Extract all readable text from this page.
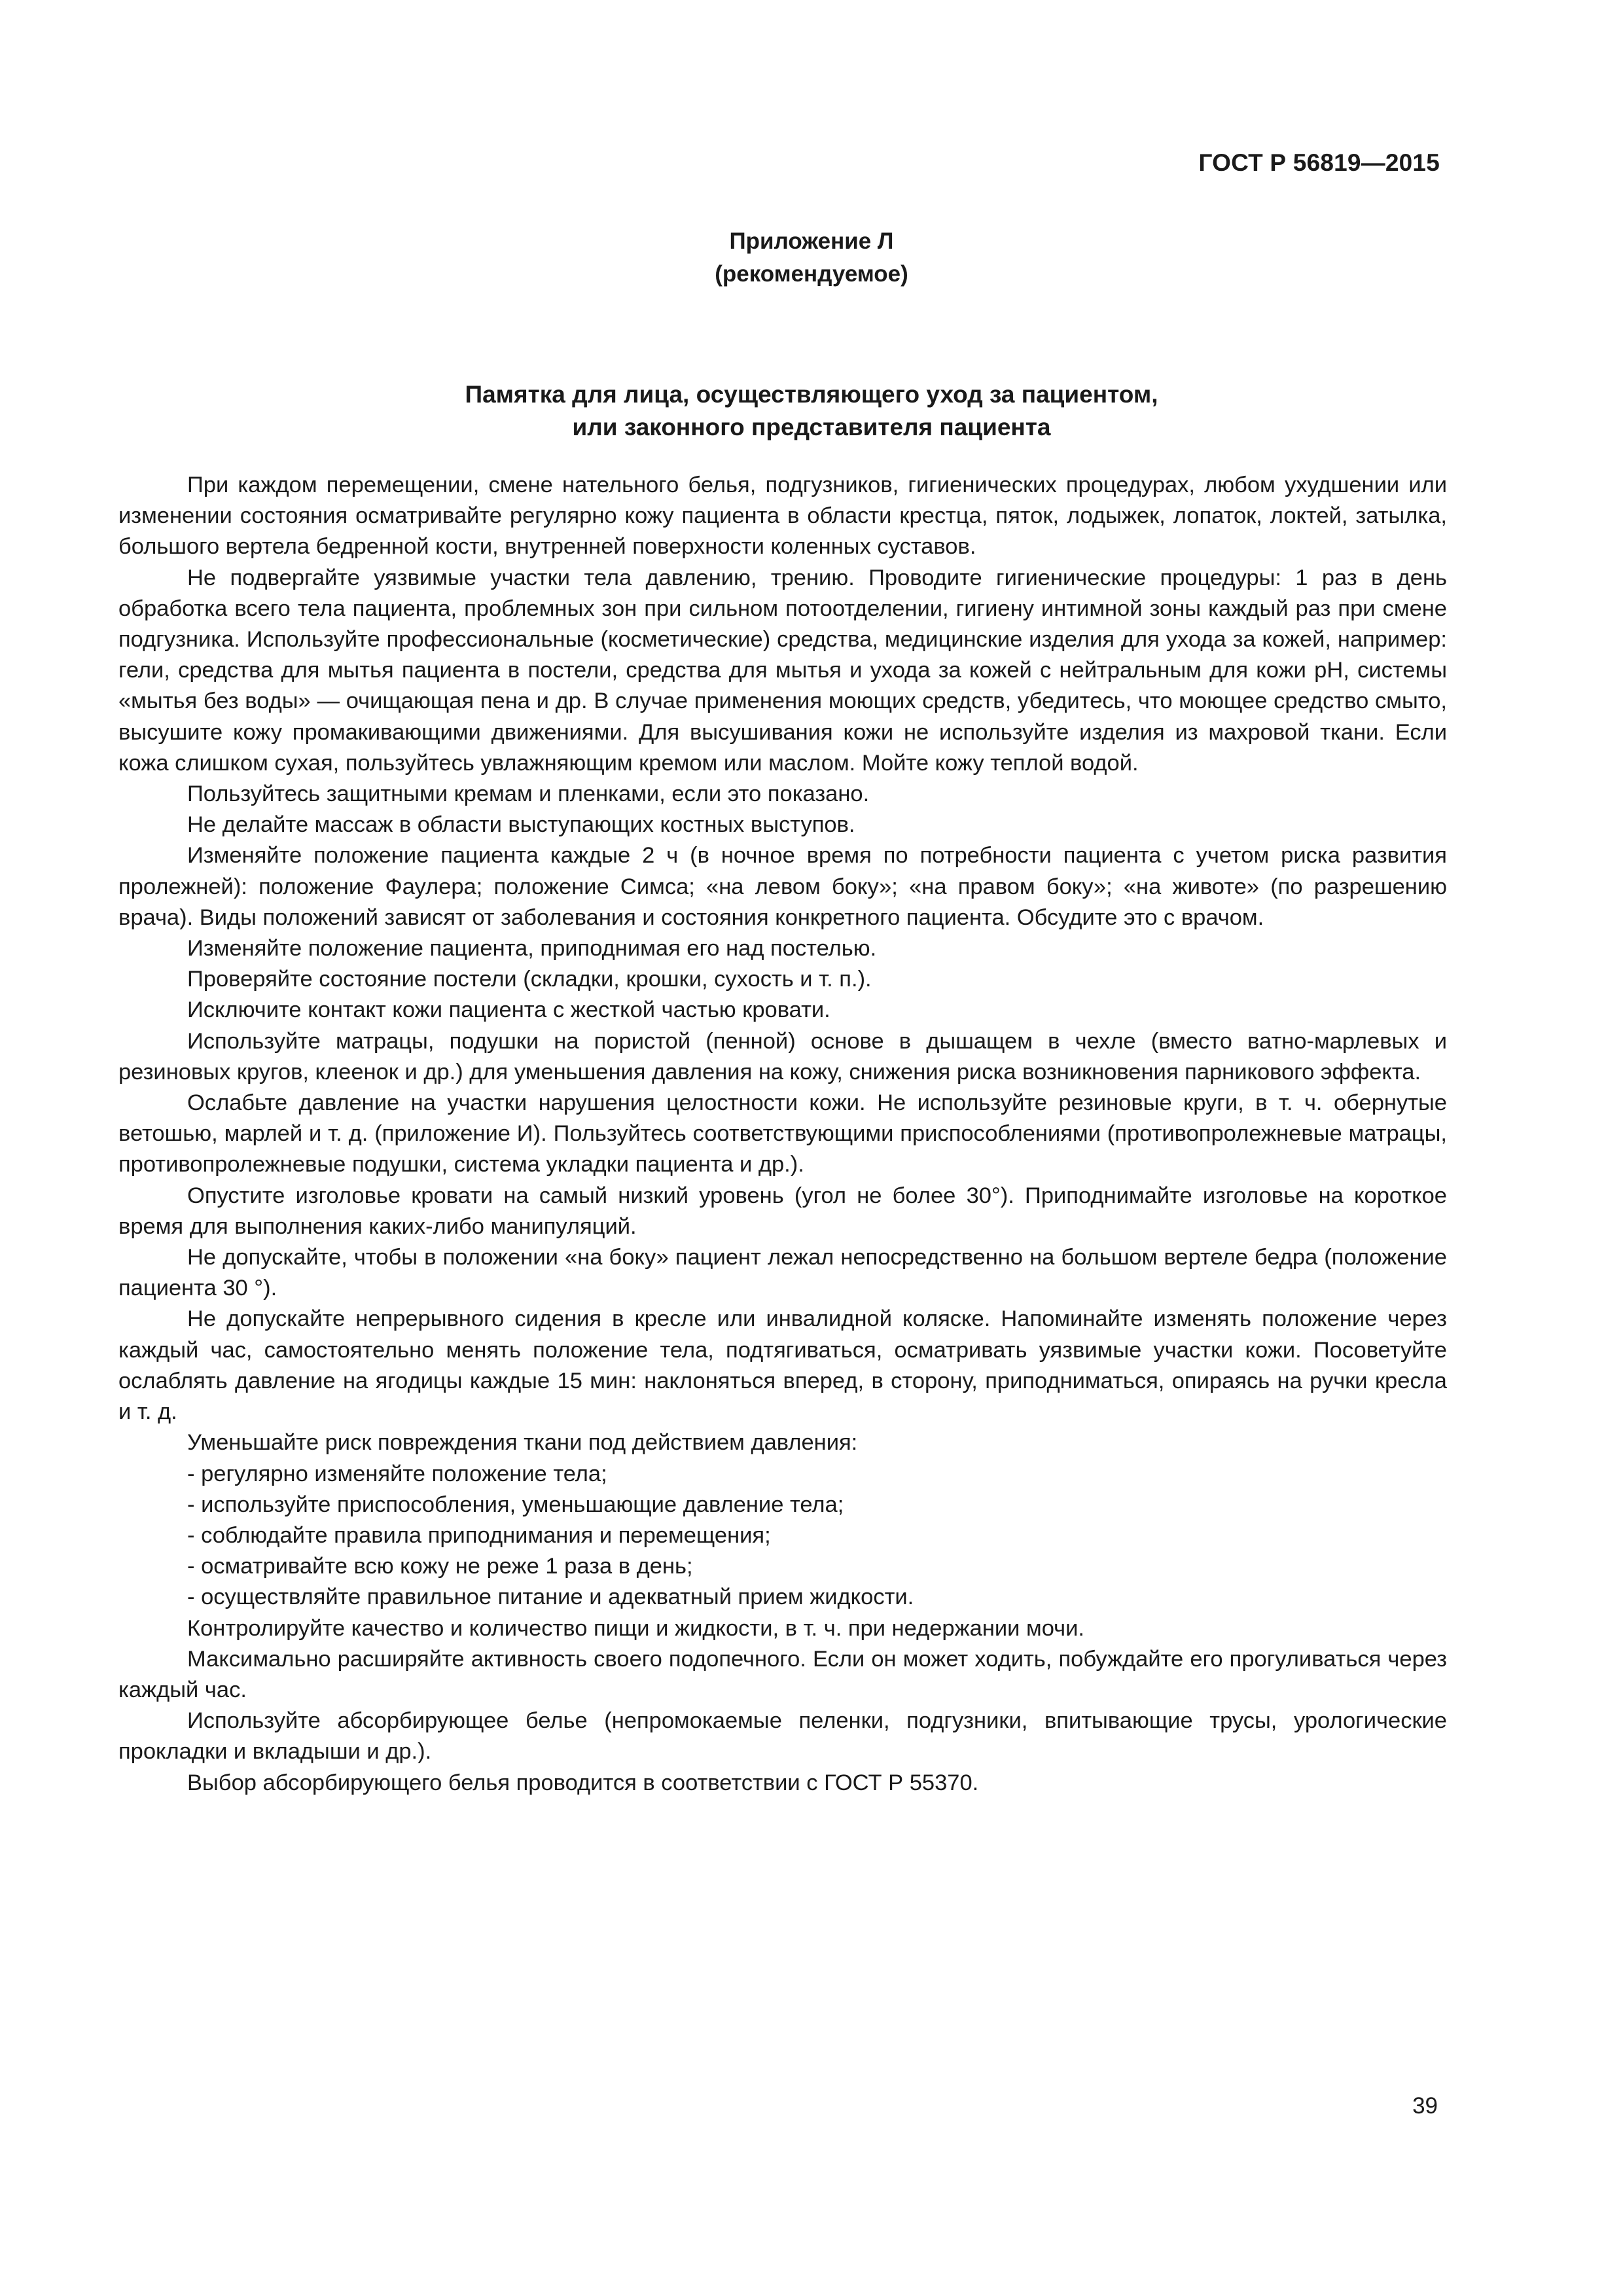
ГОСТ Р 56819—2015

Приложение Л
(рекомендуемое)
Памятка для лица, осуществляющего уход за пациентом,
или законного представителя пациента

При каждом перемещении, смене нательного белья, подгузников, гигиенических процедурах, любом ухудшении или изменении состояния осматривайте регулярно кожу пациента в области крестца, пяток, лодыжек, лопаток, локтей, затылка, большого вертела бедренной кости, внутренней поверхности коленных суставов.

Не подвергайте уязвимые участки тела давлению, трению. Проводите гигиенические процедуры: 1 раз в день обработка всего тела пациента, проблемных зон при сильном потоотделении, гигиену интимной зоны каждый раз при смене подгузника. Используйте профессиональные (косметические) средства, медицинские изделия для ухода за кожей, например: гели, средства для мытья пациента в постели, средства для мытья и ухода за кожей с нейтральным для кожи pH, системы «мытья без воды» — очищающая пена и др. В случае применения моющих средств, убедитесь, что моющее средство смыто, высушите кожу промакивающими движениями. Для высушивания кожи не используйте изделия из махровой ткани. Если кожа слишком сухая, пользуйтесь увлажняющим кремом или маслом. Мойте кожу теплой водой.

Пользуйтесь защитными кремам и пленками, если это показано.

Не делайте массаж в области выступающих костных выступов.

Изменяйте положение пациента каждые 2 ч (в ночное время по потребности пациента с учетом риска развития пролежней): положение Фаулера; положение Симса; «на левом боку»; «на правом боку»; «на животе» (по разрешению врача). Виды положений зависят от заболевания и состояния конкретного пациента. Обсудите это с врачом.

Изменяйте положение пациента, приподнимая его над постелью.

Проверяйте состояние постели (складки, крошки, сухость и т. п.).

Исключите контакт кожи пациента с жесткой частью кровати.

Используйте матрацы, подушки на пористой (пенной) основе в дышащем в чехле (вместо ватно-марлевых и резиновых кругов, клеенок и др.) для уменьшения давления на кожу, снижения риска возникновения парникового эффекта.

Ослабьте давление на участки нарушения целостности кожи. Не используйте резиновые круги, в т. ч. обернутые ветошью, марлей и т. д. (приложение И). Пользуйтесь соответствующими приспособлениями (противопролежневые матрацы, противопролежневые подушки, система укладки пациента и др.).

Опустите изголовье кровати на самый низкий уровень (угол не более 30°). Приподнимайте изголовье на короткое время для выполнения каких-либо манипуляций.

Не допускайте, чтобы в положении «на боку» пациент лежал непосредственно на большом вертеле бедра (положение пациента 30 °).

Не допускайте непрерывного сидения в кресле или инвалидной коляске. Напоминайте изменять положение через каждый час, самостоятельно менять положение тела, подтягиваться, осматривать уязвимые участки кожи. Посоветуйте ослаблять давление на ягодицы каждые 15 мин: наклоняться вперед, в сторону, приподниматься, опираясь на ручки кресла и т. д.

Уменьшайте риск повреждения ткани под действием давления:

- регулярно изменяйте положение тела;
- используйте приспособления, уменьшающие давление тела;
- соблюдайте правила приподнимания и перемещения;
- осматривайте всю кожу не реже 1 раза в день;
- осуществляйте правильное питание и адекватный прием жидкости.

Контролируйте качество и количество пищи и жидкости, в т. ч. при недержании мочи.

Максимально расширяйте активность своего подопечного. Если он может ходить, побуждайте его прогуливаться через каждый час.

Используйте абсорбирующее белье (непромокаемые пеленки, подгузники, впитывающие трусы, урологические прокладки и вкладыши и др.).

Выбор абсорбирующего белья проводится в соответствии с ГОСТ Р 55370.

39
